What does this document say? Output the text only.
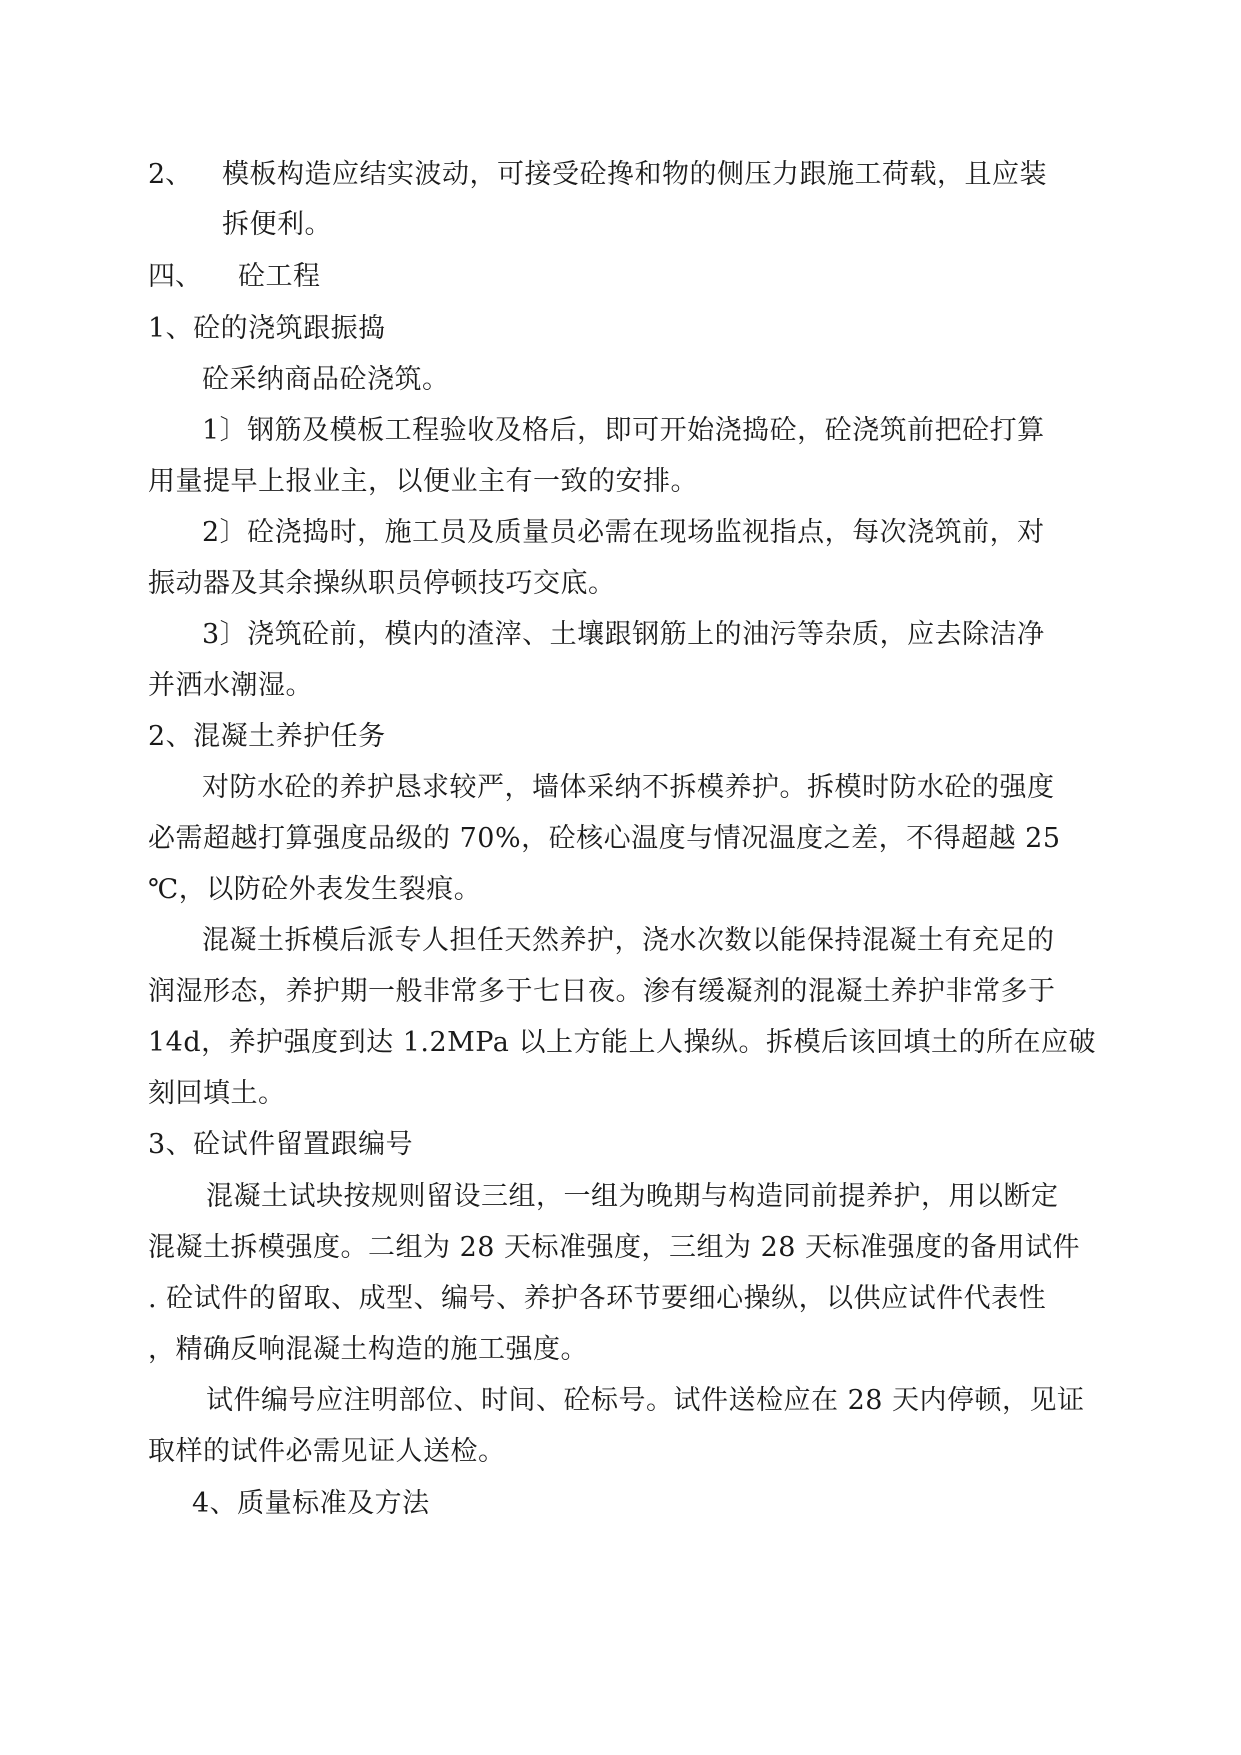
2、 模板构造应结实波动，可接受砼搀和物的侧压力跟施工荷载，且应装
拆便利。
四、 砼工程
1、砼的浇筑跟振捣
砼采纳商品砼浇筑。
1〕钢筋及模板工程验收及格后，即可开始浇捣砼，砼浇筑前把砼打算
用量提早上报业主，以便业主有一致的安排。
2〕砼浇捣时，施工员及质量员必需在现场监视指点，每次浇筑前，对
振动器及其余操纵职员停顿技巧交底。
3〕浇筑砼前，模内的渣滓、土壤跟钢筋上的油污等杂质，应去除洁净
并洒水潮湿。
2、混凝土养护任务
对防水砼的养护恳求较严，墙体采纳不拆模养护。拆模时防水砼的强度
必需超越打算强度品级的 70%，砼核心温度与情况温度之差，不得超越 25
℃，以防砼外表发生裂痕。
混凝土拆模后派专人担任天然养护，浇水次数以能保持混凝土有充足的
润湿形态，养护期一般非常多于七日夜。渗有缓凝剂的混凝土养护非常多于
14d，养护强度到达 1.2MPa 以上方能上人操纵。拆模后该回填土的所在应破
刻回填土。
3、砼试件留置跟编号
混凝土试块按规则留设三组，一组为晚期与构造同前提养护，用以断定
混凝土拆模强度。二组为 28 天标准强度，三组为 28 天标准强度的备用试件
. 砼试件的留取、成型、编号、养护各环节要细心操纵，以供应试件代表性
，精确反响混凝土构造的施工强度。
试件编号应注明部位、时间、砼标号。试件送检应在 28 天内停顿，见证
取样的试件必需见证人送检。
4、质量标准及方法
